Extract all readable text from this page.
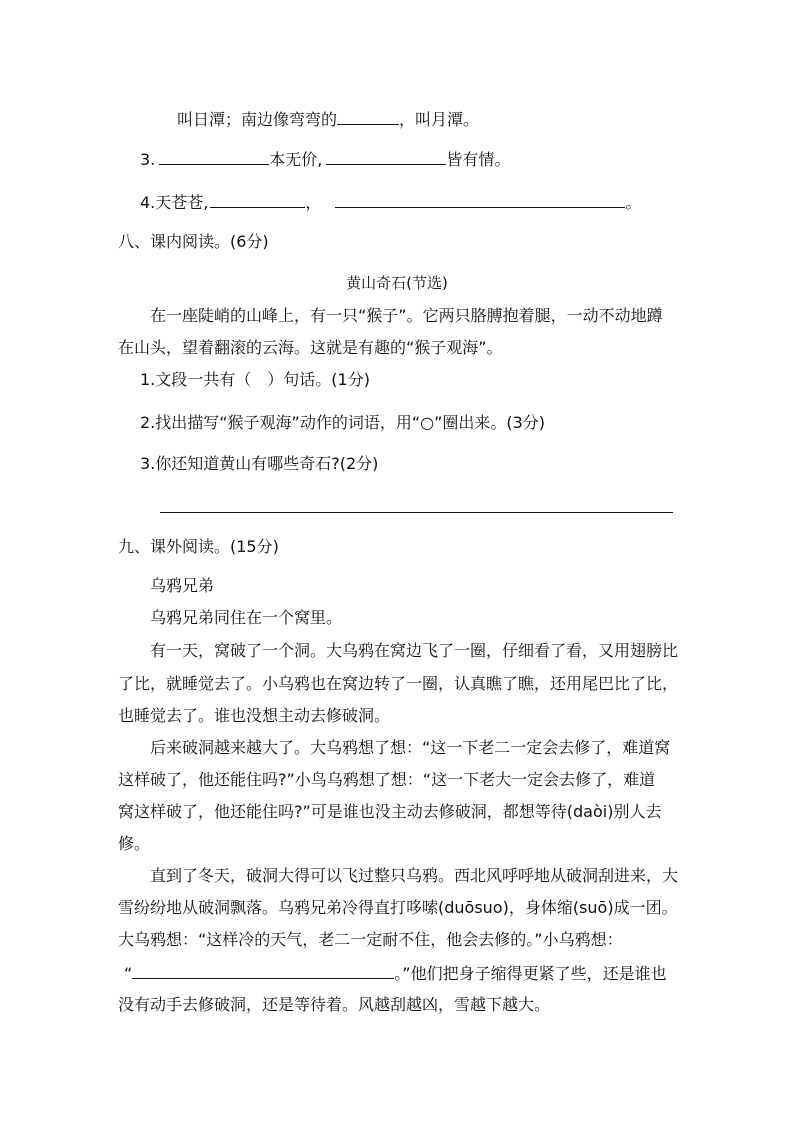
叫日潭；南边像弯弯的	，叫月潭。
3.	本无价,	皆有情。
4.天苍苍,	，	。
八、课内阅读。(6分)
黄山奇石(节选)
在一座陡峭的山峰上，有一只“猴子”。它两只胳膊抱着腿，一动不动地蹲
在山头，望着翻滚的云海。这就是有趣的“猴子观海”。
1.文段一共有（　）句话。(1分)
2.找出描写“猴子观海”动作的词语，用“○”圈出来。(3分)
3.你还知道黄山有哪些奇石?(2分)
九、课外阅读。(15分)
乌鸦兄弟
乌鸦兄弟同住在一个窝里。
有一天，窝破了一个洞。大乌鸦在窝边飞了一圈，仔细看了看，又用翅膀比
了比，就睡觉去了。小乌鸦也在窝边转了一圈，认真瞧了瞧，还用尾巴比了比，
也睡觉去了。谁也没想主动去修破洞。
后来破洞越来越大了。大乌鸦想了想：“这一下老二一定会去修了，难道窝
这样破了，他还能住吗?”小鸟乌鸦想了想：“这一下老大一定会去修了，难道
窝这样破了，他还能住吗?”可是谁也没主动去修破洞，都想等待(daòi)别人去
修。
直到了冬天，破洞大得可以飞过整只乌鸦。西北风呼呼地从破洞刮进来，大
雪纷纷地从破洞飘落。乌鸦兄弟冷得直打哆嗦(duōsuo)，身体缩(suō)成一团。
大乌鸦想：“这样冷的天气，老二一定耐不住，他会去修的。”小乌鸦想：
“	。”他们把身子缩得更紧了些，还是谁也
没有动手去修破洞，还是等待着。风越刮越凶，雪越下越大。
